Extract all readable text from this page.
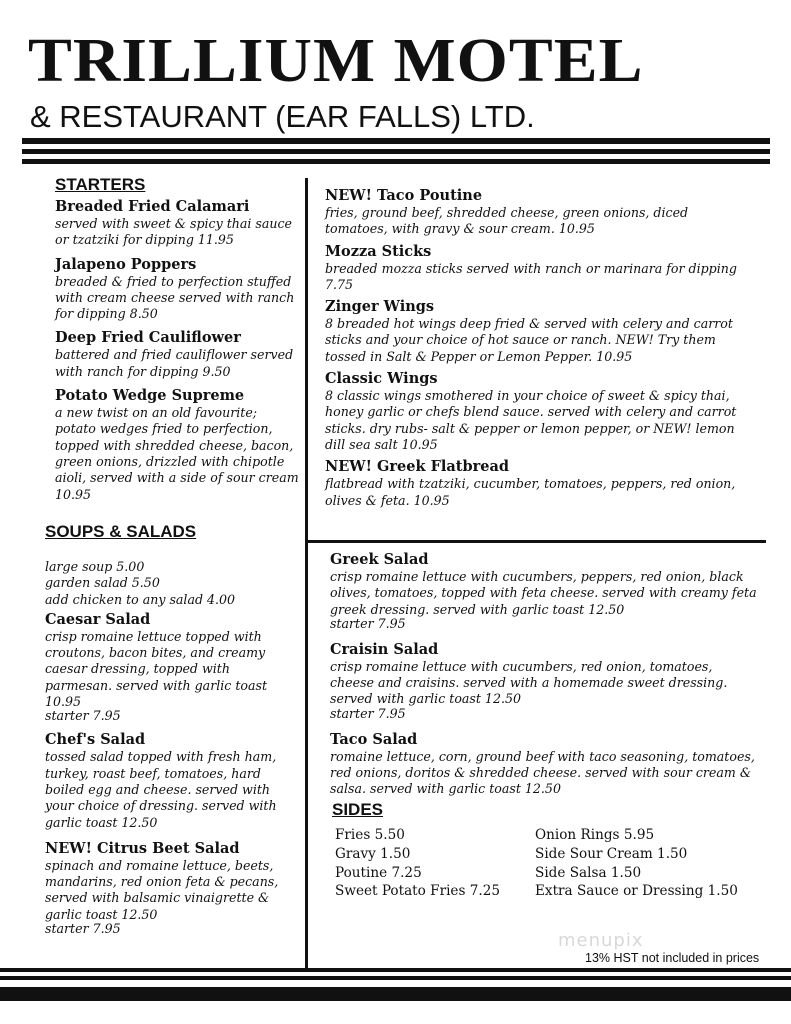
TRILLIUM MOTEL
& RESTAURANT (EAR FALLS) LTD.
STARTERS
Breaded Fried Calamari
served with sweet & spicy thai sauce or tzatziki for dipping 11.95
Jalapeno Poppers
breaded & fried to perfection stuffed with cream cheese served with ranch for dipping 8.50
Deep Fried Cauliflower
battered and fried cauliflower served with ranch for dipping 9.50
Potato Wedge Supreme
a new twist on an old favourite; potato wedges fried to perfection, topped with shredded cheese, bacon, green onions, drizzled with chipotle aioli, served with a side of sour cream 10.95
SOUPS & SALADS
large soup 5.00
garden salad 5.50
add chicken to any salad 4.00
Caesar Salad
crisp romaine lettuce topped with croutons, bacon bites, and creamy caesar dressing, topped with parmesan. served with garlic toast 10.95
starter 7.95
Chef's Salad
tossed salad topped with fresh ham, turkey, roast beef, tomatoes, hard boiled egg and cheese. served with your choice of dressing. served with garlic toast 12.50
NEW! Citrus Beet Salad
spinach and romaine lettuce, beets, mandarins, red onion feta & pecans, served with balsamic vinaigrette & garlic toast 12.50
starter 7.95
NEW! Taco Poutine
fries, ground beef, shredded cheese, green onions, diced tomatoes, with gravy & sour cream. 10.95
Mozza Sticks
breaded mozza sticks served with ranch or marinara for dipping 7.75
Zinger Wings
8 breaded hot wings deep fried & served with celery and carrot sticks and your choice of hot sauce or ranch. NEW! Try them tossed in Salt & Pepper or Lemon Pepper. 10.95
Classic Wings
8 classic wings smothered in your choice of sweet & spicy thai, honey garlic or chefs blend sauce. served with celery and carrot sticks. dry rubs- salt & pepper or lemon pepper, or NEW! lemon dill sea salt 10.95
NEW! Greek Flatbread
flatbread with tzatziki, cucumber, tomatoes, peppers, red onion, olives & feta. 10.95
Greek Salad
crisp romaine lettuce with cucumbers, peppers, red onion, black olives, tomatoes, topped with feta cheese. served with creamy feta greek dressing. served with garlic toast 12.50
starter 7.95
Craisin Salad
crisp romaine lettuce with cucumbers, red onion, tomatoes, cheese and craisins. served with a homemade sweet dressing. served with garlic toast 12.50
starter 7.95
Taco Salad
romaine lettuce, corn, ground beef with taco seasoning, tomatoes, red onions, doritos & shredded cheese. served with sour cream & salsa. served with garlic toast 12.50
SIDES
Fries 5.50	Onion Rings 5.95
Gravy 1.50	Side Sour Cream 1.50
Poutine 7.25	Side Salsa 1.50
Sweet Potato Fries 7.25	Extra Sauce or Dressing 1.50
menupix
13% HST not included in prices
